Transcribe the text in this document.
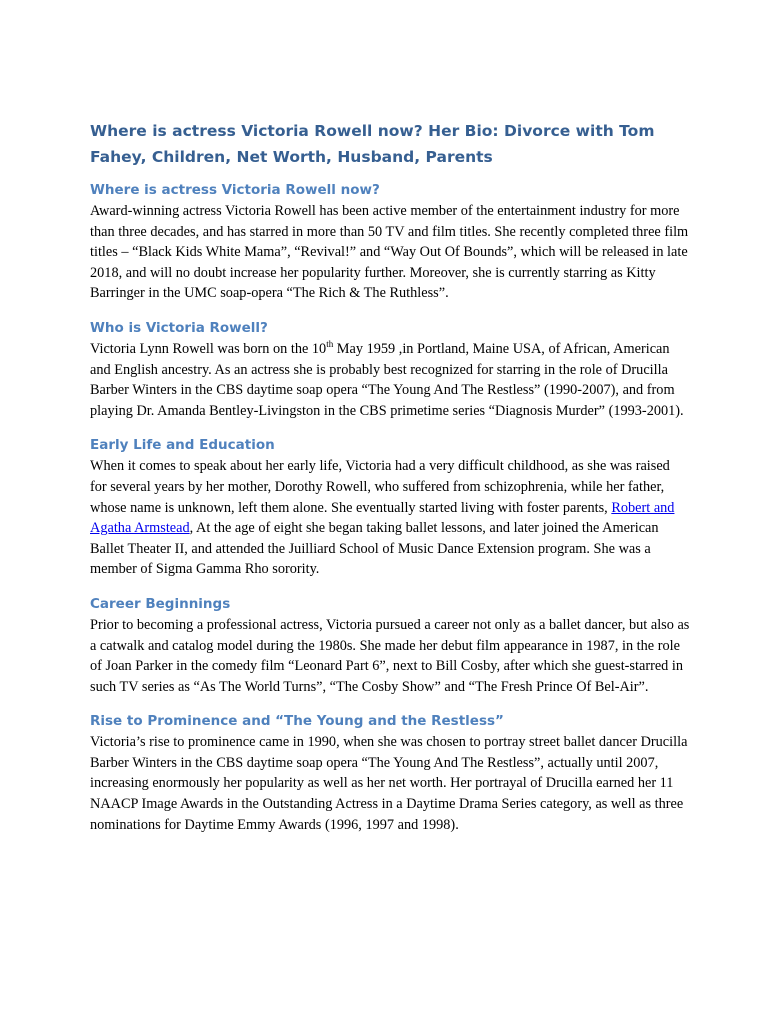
Where is actress Victoria Rowell now? Her Bio: Divorce with Tom Fahey, Children, Net Worth, Husband, Parents
Where is actress Victoria Rowell now?

Award-winning actress Victoria Rowell has been active member of the entertainment industry for more than three decades, and has starred in more than 50 TV and film titles. She recently completed three film titles – “Black Kids White Mama”, “Revival!” and “Way Out Of Bounds”, which will be released in late 2018, and will no doubt increase her popularity further. Moreover, she is currently starring as Kitty Barringer in the UMC soap-opera “The Rich & The Ruthless”.

Who is Victoria Rowell?

Victoria Lynn Rowell was born on the 10th May 1959 ,in Portland, Maine USA, of African, American and English ancestry. As an actress she is probably best recognized for starring in the role of Drucilla Barber Winters in the CBS daytime soap opera “The Young And The Restless” (1990-2007), and from playing Dr. Amanda Bentley-Livingston in the CBS primetime series “Diagnosis Murder” (1993-2001).

Early Life and Education

When it comes to speak about her early life, Victoria had a very difficult childhood, as she was raised for several years by her mother, Dorothy Rowell, who suffered from schizophrenia, while her father, whose name is unknown, left them alone. She eventually started living with foster parents, Robert and Agatha Armstead, At the age of eight she began taking ballet lessons, and later joined the American Ballet Theater II, and attended the Juilliard School of Music Dance Extension program. She was a member of Sigma Gamma Rho sorority.

Career Beginnings

Prior to becoming a professional actress, Victoria pursued a career not only as a ballet dancer, but also as a catwalk and catalog model during the 1980s. She made her debut film appearance in 1987, in the role of Joan Parker in the comedy film “Leonard Part 6”, next to Bill Cosby, after which she guest-starred in such TV series as “As The World Turns”, “The Cosby Show” and “The Fresh Prince Of Bel-Air”.

Rise to Prominence and “The Young and the Restless”

Victoria’s rise to prominence came in 1990, when she was chosen to portray street ballet dancer Drucilla Barber Winters in the CBS daytime soap opera “The Young And The Restless”, actually until 2007, increasing enormously her popularity as well as her net worth. Her portrayal of Drucilla earned her 11 NAACP Image Awards in the Outstanding Actress in a Daytime Drama Series category, as well as three nominations for Daytime Emmy Awards (1996, 1997 and 1998).
